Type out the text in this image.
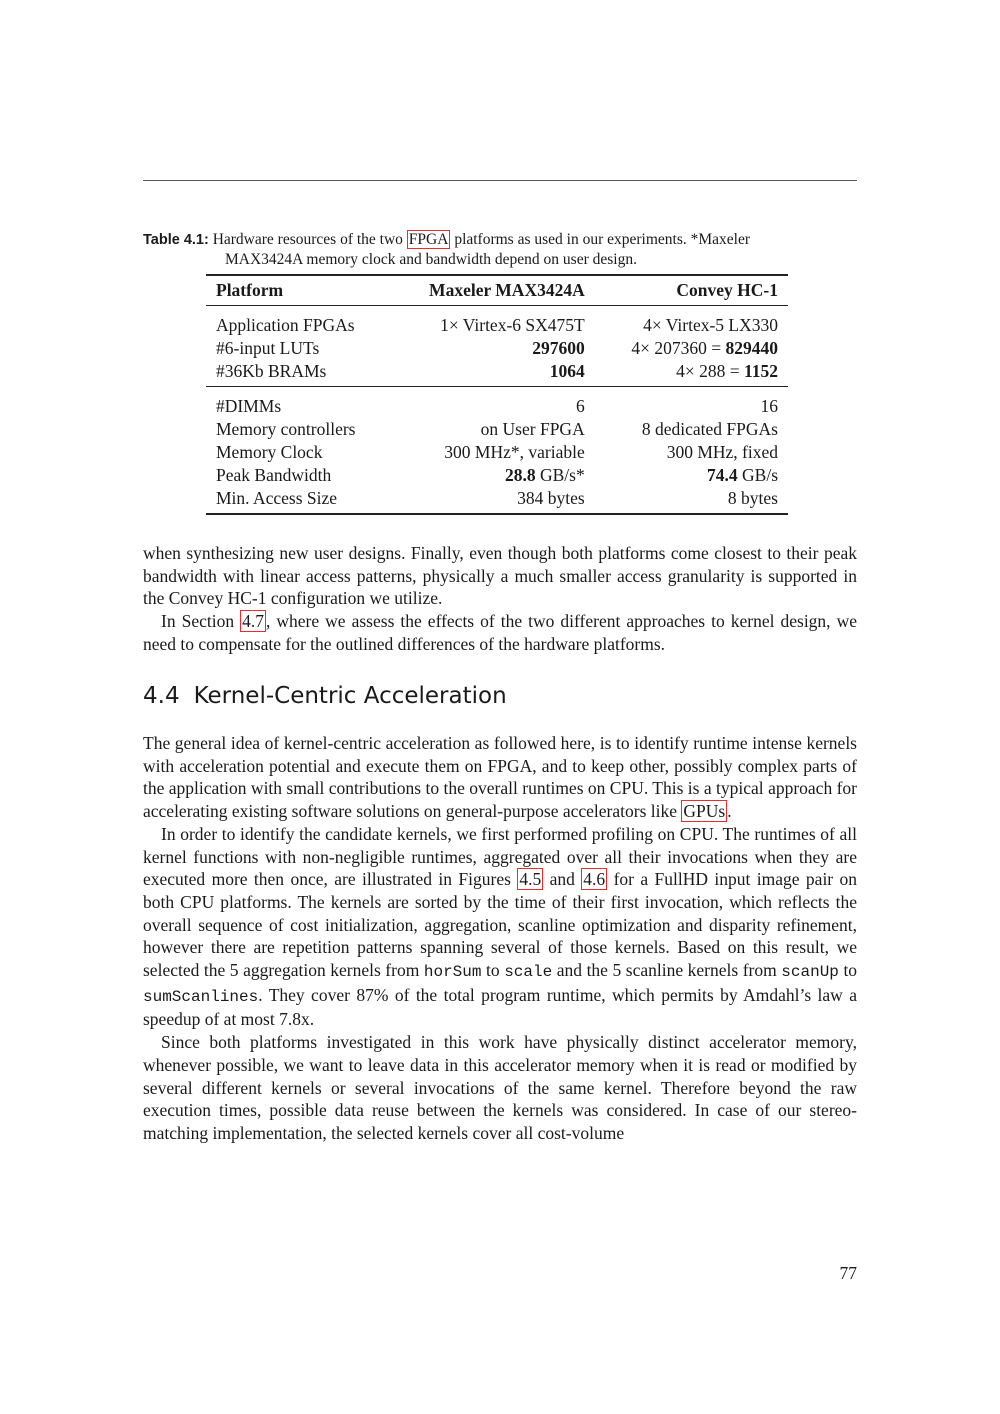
Table 4.1: Hardware resources of the two FPGA platforms as used in our experiments. *Maxeler
MAX3424A memory clock and bandwidth depend on user design.
Platform	Maxeler MAX3424A	Convey HC-1
Application FPGAs	1× Virtex-6 SX475T	4× Virtex-5 LX330
#6-input LUTs	297600	4× 207360 = 829440
#36Kb BRAMs	1064	4× 288 = 1152
#DIMMs	6	16
Memory controllers	on User FPGA	8 dedicated FPGAs
Memory Clock	300 MHz*, variable	300 MHz, fixed
Peak Bandwidth	28.8 GB/s*	74.4 GB/s
Min. Access Size	384 bytes	8 bytes

when synthesizing new user designs. Finally, even though both platforms come closest to their peak bandwidth with linear access patterns, physically a much smaller access granularity is supported in the Convey HC-1 configuration we utilize.

In Section 4.7 , where we assess the effects of the two different approaches to kernel design, we need to compensate for the outlined differences of the hardware platforms.

4.4 Kernel-Centric Acceleration

The general idea of kernel-centric acceleration as followed here, is to identify runtime intense kernels with acceleration potential and execute them on FPGA, and to keep other, possibly complex parts of the application with small contributions to the overall runtimes on CPU. This is a typical approach for accelerating existing software solutions on general-purpose accelerators like GPUs .

In order to identify the candidate kernels, we first performed profiling on CPU. The runtimes of all kernel functions with non-negligible runtimes, aggregated over all their invocations when they are executed more then once, are illustrated in Figures 4.5 and 4.6 for a FullHD input image pair on both CPU platforms. The kernels are sorted by the time of their first invocation, which reflects the overall sequence of cost initialization, aggregation, scanline optimization and disparity refinement, however there are repetition patterns spanning several of those kernels. Based on this result, we selected the 5 aggregation kernels from horSum to scale and the 5 scanline kernels from scanUp to sumScanlines. They cover 87% of the total program runtime, which permits by Amdahl’s law a speedup of at most 7.8x.

Since both platforms investigated in this work have physically distinct accelerator memory, whenever possible, we want to leave data in this accelerator memory when it is read or modified by several different kernels or several invocations of the same kernel. Therefore beyond the raw execution times, possible data reuse between the kernels was considered. In case of our stereo-matching implementation, the selected kernels cover all cost-volume

77
